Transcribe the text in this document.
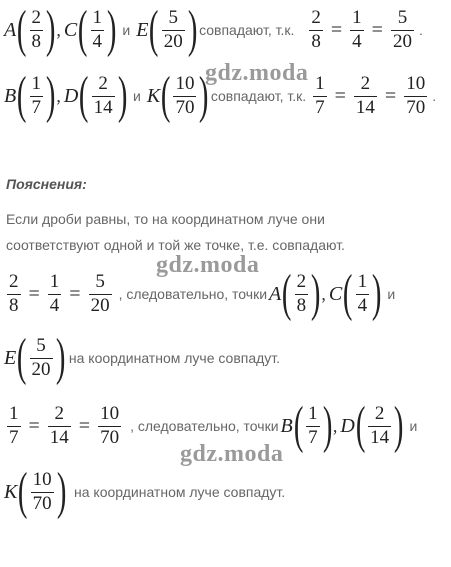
A ( $\frac{2}{8}$ ) , C ( $\frac{1}{4}$ ) и E ( $\frac{5}{20}$ ) совпадают, т.к. $\frac{2}{8} = \frac{1}{4} = \frac{5}{20}$ .
B ( $\frac{1}{7}$ ) , D ( $\frac{2}{14}$ ) и K ( $\frac{10}{70}$ ) совпадают, т.к. $\frac{1}{7} = \frac{2}{14} = \frac{10}{70}$ .
Пояснения:
Если дроби равны, то на координатном луче они
соответствуют одной и той же точке, т.е. совпадают.
$\frac{2}{8} = \frac{1}{4} = \frac{5}{20}$ , следовательно, точки A ( $\frac{2}{8}$ ) , C ( $\frac{1}{4}$ ) и
E ( $\frac{5}{20}$ ) на координатном луче совпадут.
$\frac{1}{7} = \frac{2}{14} = \frac{10}{70}$ , следовательно, точки B ( $\frac{1}{7}$ ) , D ( $\frac{2}{14}$ ) и
K ( $\frac{10}{70}$ ) на координатном луче совпадут.
gdz.moda
gdz.moda
gdz.moda
